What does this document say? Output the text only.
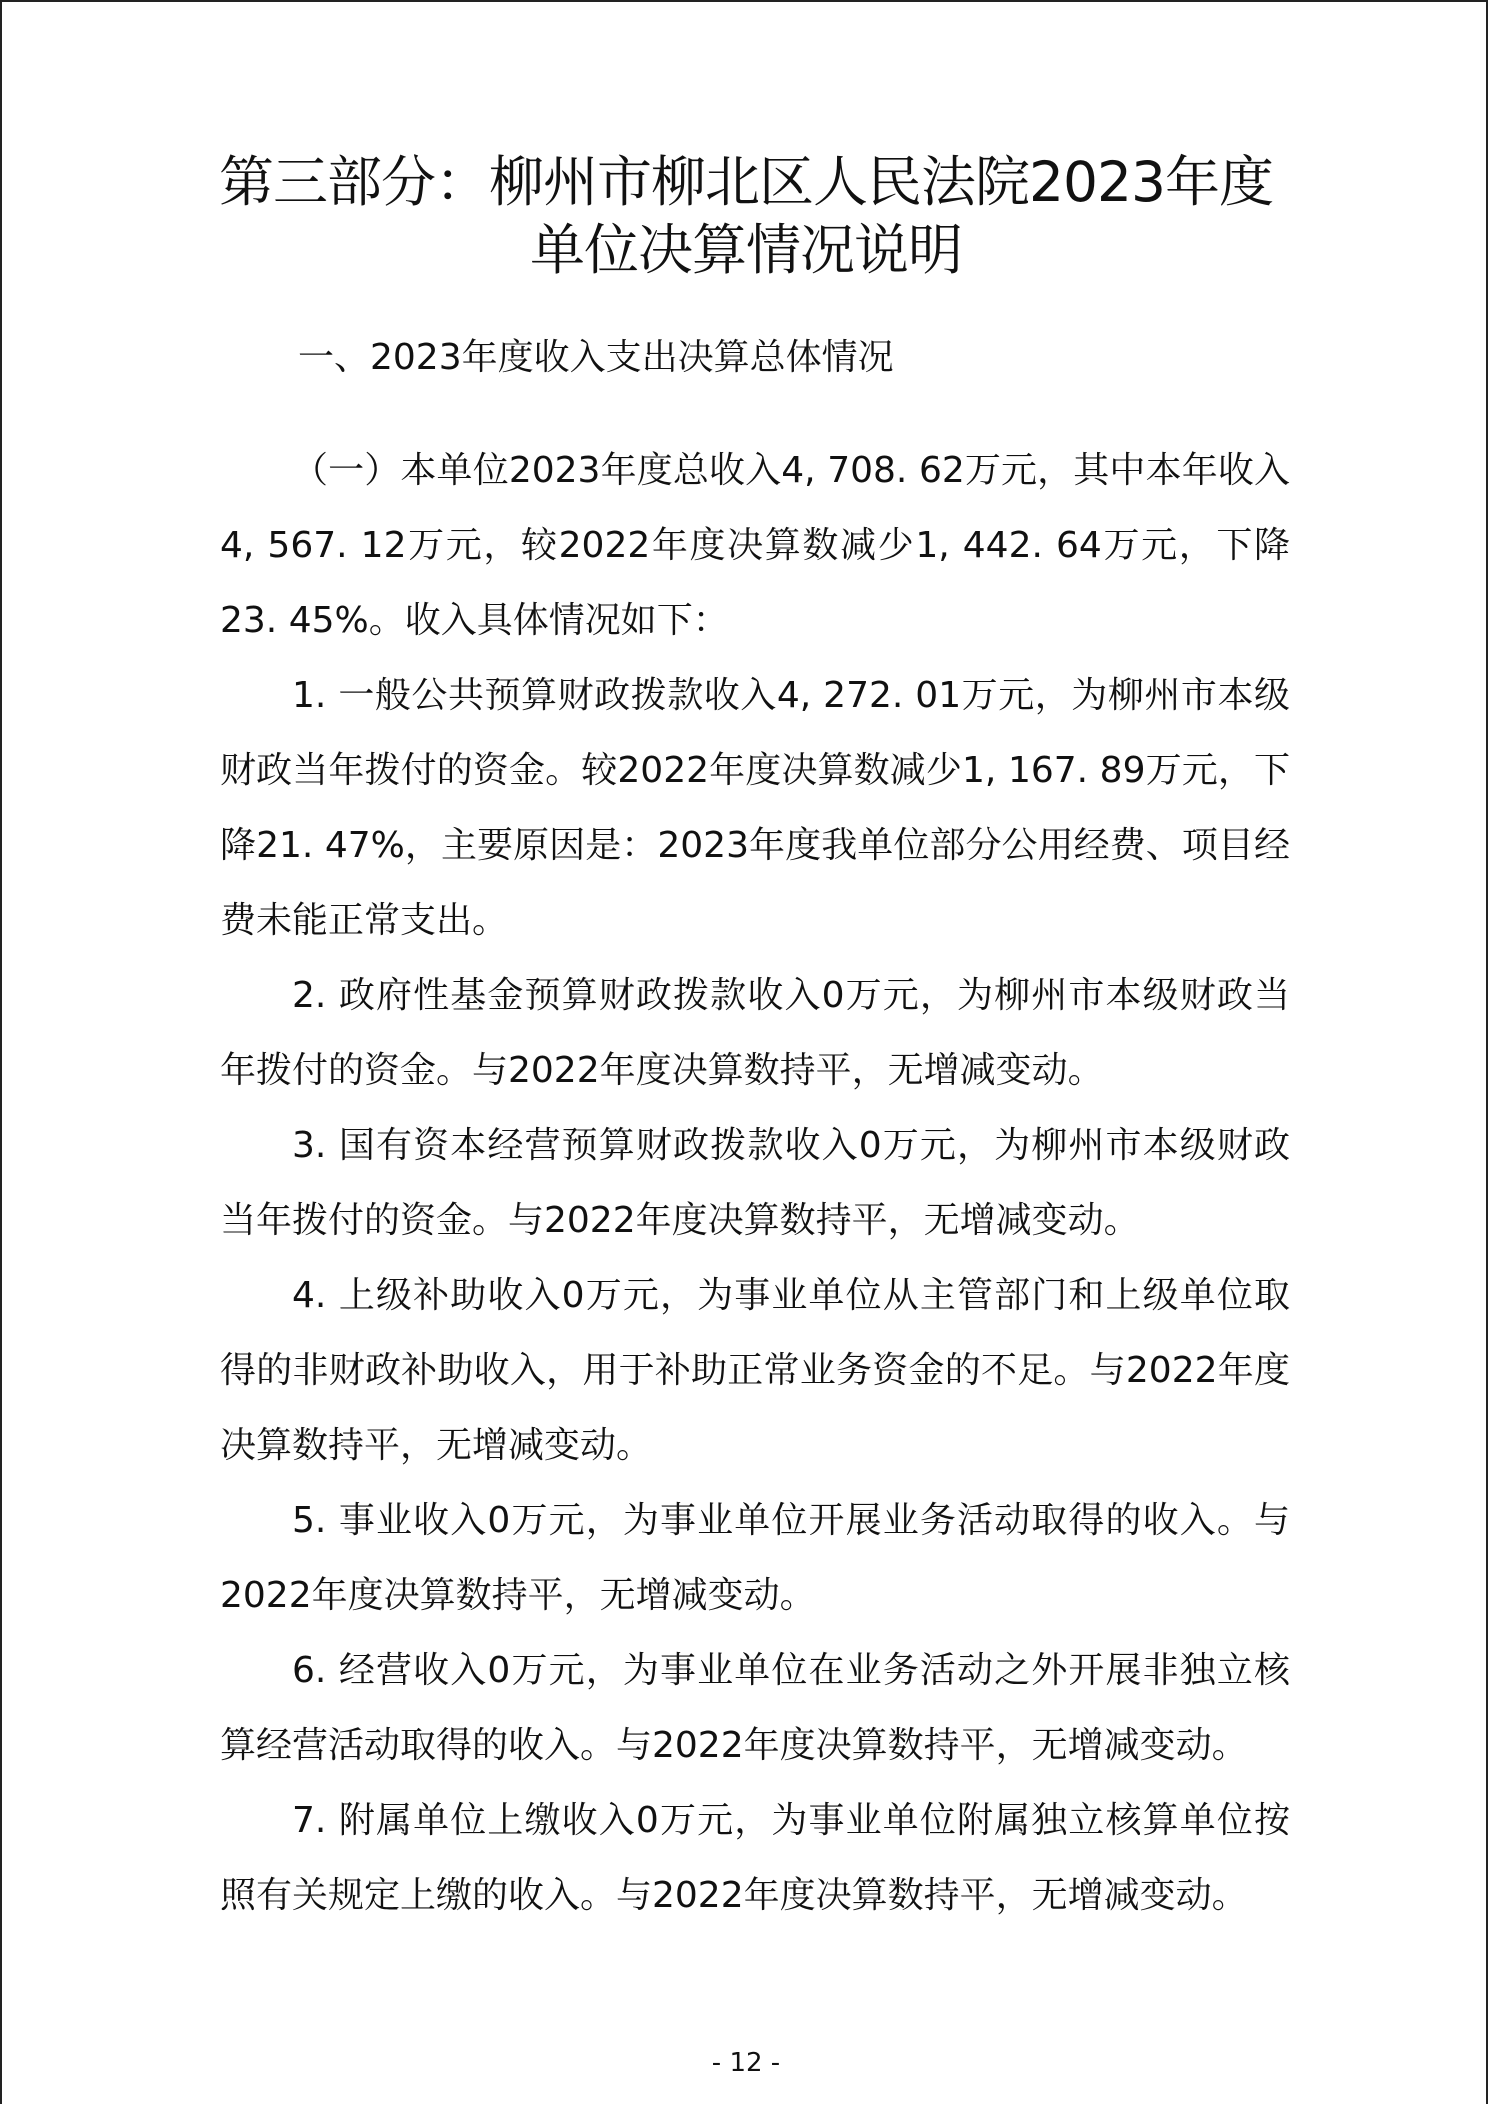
第三部分：柳州市柳北区人民法院2023年度
单位决算情况说明
一、2023年度收入支出决算总体情况

（一）本单位2023年度总收入4, 708. 62万元，其中本年收入4, 567. 12万元，较2022年度决算数减少1, 442. 64万元，下降23. 45%。收入具体情况如下：

1. 一般公共预算财政拨款收入4, 272. 01万元，为柳州市本级财政当年拨付的资金。较2022年度决算数减少1, 167. 89万元，下降21. 47%，主要原因是：2023年度我单位部分公用经费、项目经费未能正常支出。

2. 政府性基金预算财政拨款收入0万元，为柳州市本级财政当年拨付的资金。与2022年度决算数持平，无增减变动。

3. 国有资本经营预算财政拨款收入0万元，为柳州市本级财政当年拨付的资金。与2022年度决算数持平，无增减变动。

4. 上级补助收入0万元，为事业单位从主管部门和上级单位取得的非财政补助收入，用于补助正常业务资金的不足。与2022年度决算数持平，无增减变动。

5. 事业收入0万元，为事业单位开展业务活动取得的收入。与2022年度决算数持平，无增减变动。

6. 经营收入0万元，为事业单位在业务活动之外开展非独立核算经营活动取得的收入。与2022年度决算数持平，无增减变动。

7. 附属单位上缴收入0万元，为事业单位附属独立核算单位按照有关规定上缴的收入。与2022年度决算数持平，无增减变动。

- 12 -
